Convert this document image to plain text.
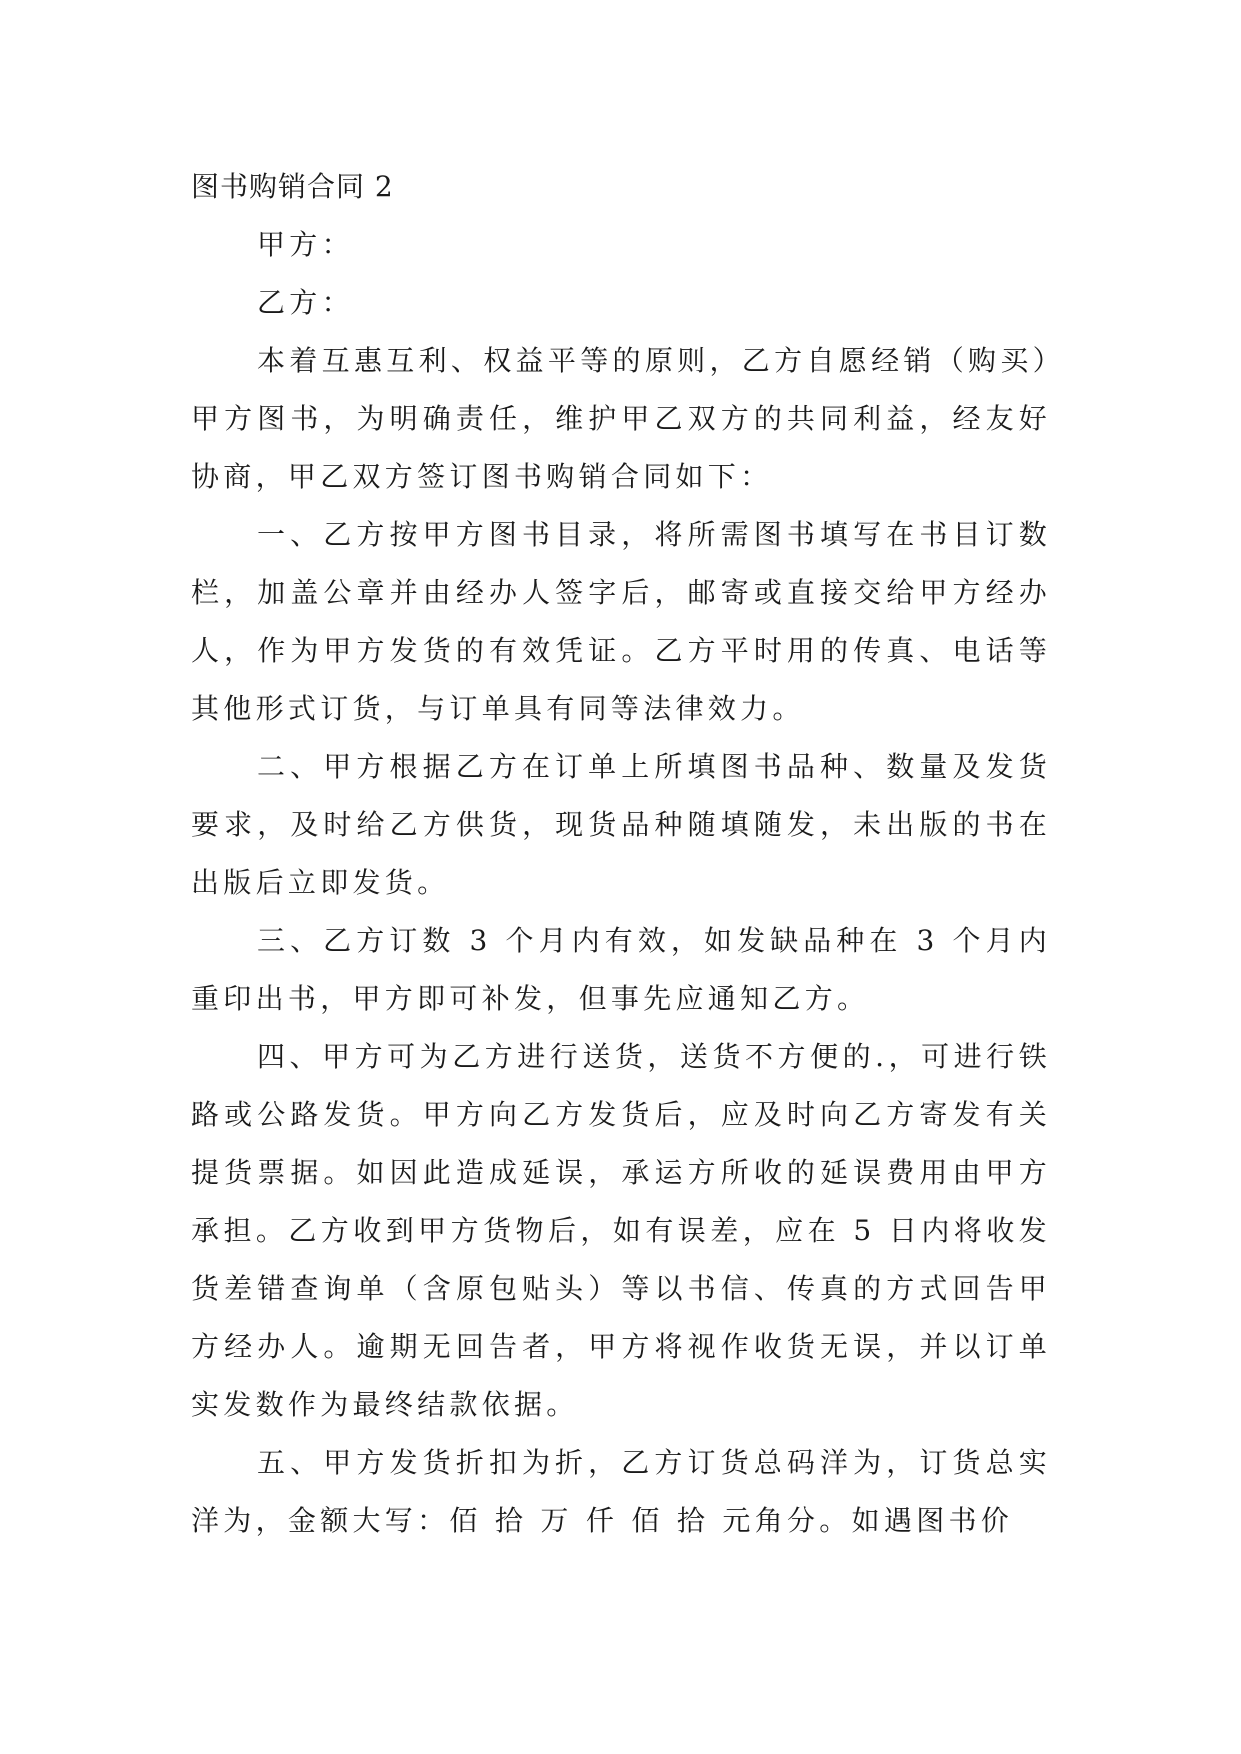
图书购销合同 2

甲方：

乙方：

本着互惠互利、权益平等的原则，乙方自愿经销（购买）甲方图书，为明确责任，维护甲乙双方的共同利益，经友好协商，甲乙双方签订图书购销合同如下：

一、乙方按甲方图书目录，将所需图书填写在书目订数栏，加盖公章并由经办人签字后，邮寄或直接交给甲方经办人，作为甲方发货的有效凭证。乙方平时用的传真、电话等其他形式订货，与订单具有同等法律效力。

二、甲方根据乙方在订单上所填图书品种、数量及发货要求，及时给乙方供货，现货品种随填随发，未出版的书在出版后立即发货。

三、乙方订数 3 个月内有效，如发缺品种在 3 个月内重印出书，甲方即可补发，但事先应通知乙方。

四、甲方可为乙方进行送货，送货不方便的.，可进行铁路或公路发货。甲方向乙方发货后，应及时向乙方寄发有关提货票据。如因此造成延误，承运方所收的延误费用由甲方承担。乙方收到甲方货物后，如有误差，应在 5 日内将收发货差错查询单（含原包贴头）等以书信、传真的方式回告甲方经办人。逾期无回告者，甲方将视作收货无误，并以订单实发数作为最终结款依据。

五、甲方发货折扣为折，乙方订货总码洋为，订货总实洋为，金额大写：佰 拾 万 仟 佰 拾 元角分。如遇图书价
